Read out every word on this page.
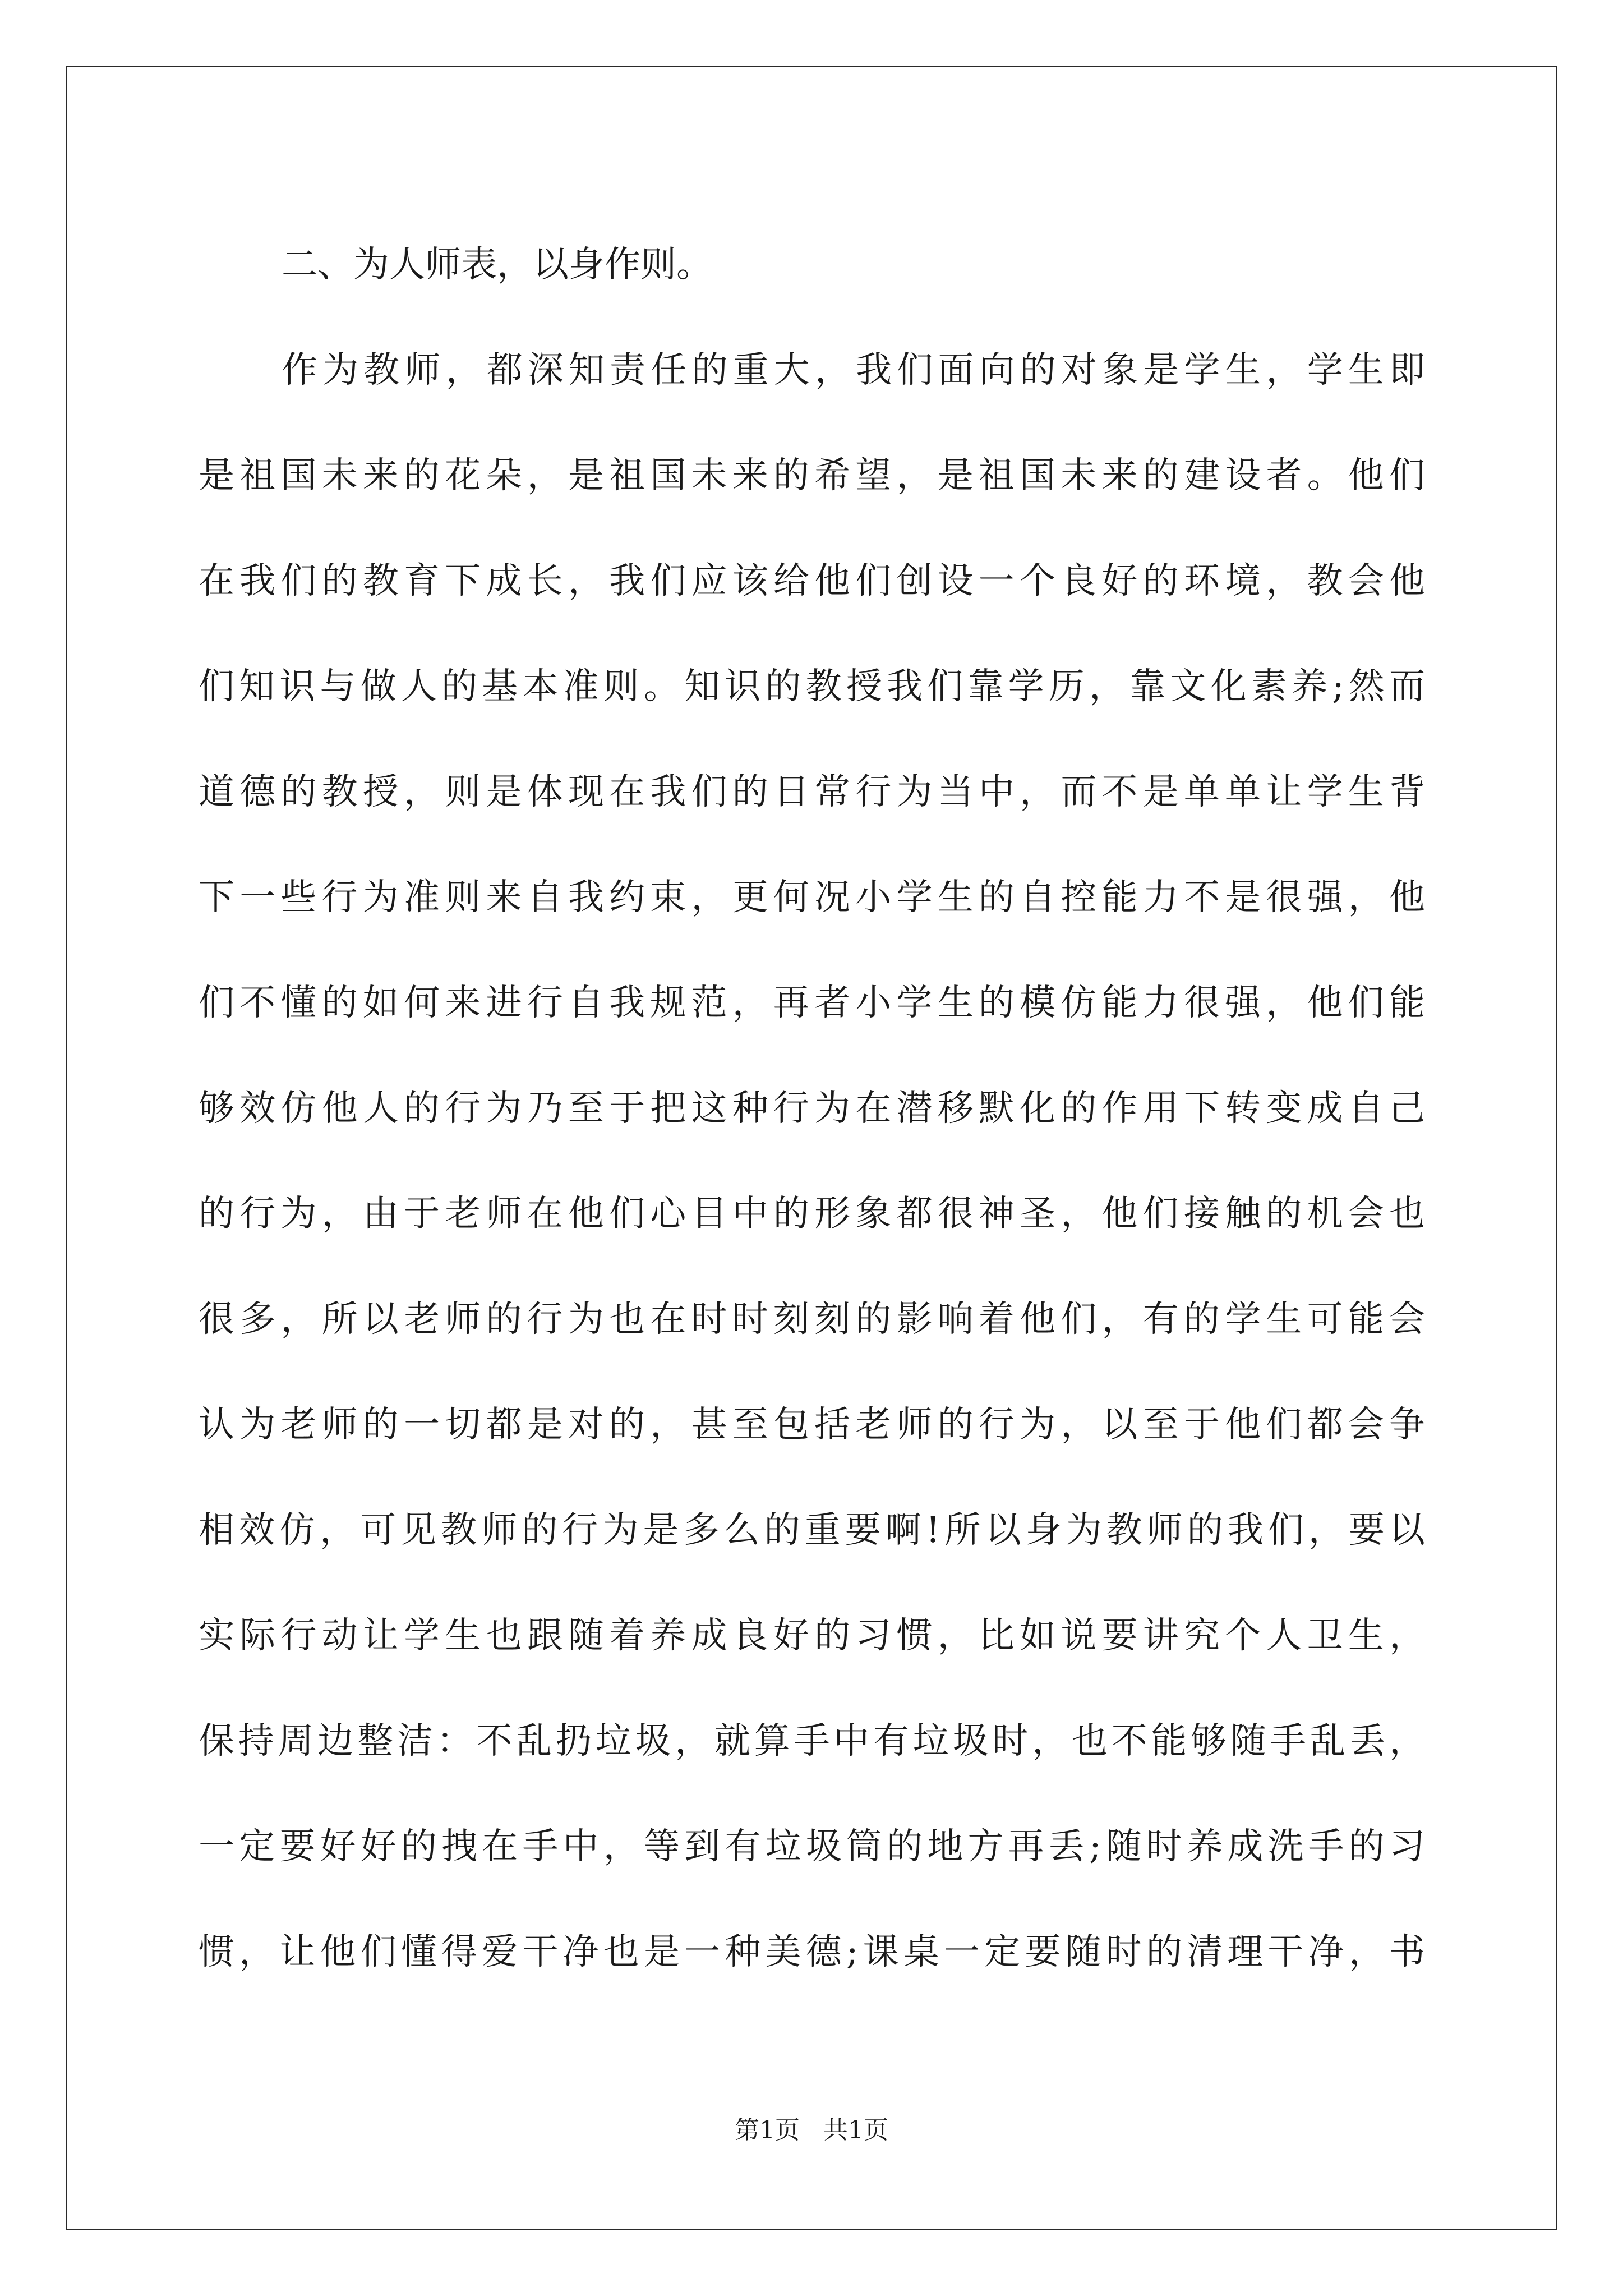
二、为人师表，以身作则。
作为教师，都深知责任的重大，我们面向的对象是学生，学生即
是祖国未来的花朵，是祖国未来的希望，是祖国未来的建设者。他们
在我们的教育下成长，我们应该给他们创设一个良好的环境，教会他
们知识与做人的基本准则。知识的教授我们靠学历，靠文化素养;然而
道德的教授，则是体现在我们的日常行为当中，而不是单单让学生背
下一些行为准则来自我约束，更何况小学生的自控能力不是很强，他
们不懂的如何来进行自我规范，再者小学生的模仿能力很强，他们能
够效仿他人的行为乃至于把这种行为在潜移默化的作用下转变成自己
的行为，由于老师在他们心目中的形象都很神圣，他们接触的机会也
很多，所以老师的行为也在时时刻刻的影响着他们，有的学生可能会
认为老师的一切都是对的，甚至包括老师的行为，以至于他们都会争
相效仿，可见教师的行为是多么的重要啊!所以身为教师的我们，要以
实际行动让学生也跟随着养成良好的习惯，比如说要讲究个人卫生，
保持周边整洁：不乱扔垃圾，就算手中有垃圾时，也不能够随手乱丢，
一定要好好的拽在手中，等到有垃圾筒的地方再丢;随时养成洗手的习
惯，让他们懂得爱干净也是一种美德;课桌一定要随时的清理干净，书
第1页   共1页
